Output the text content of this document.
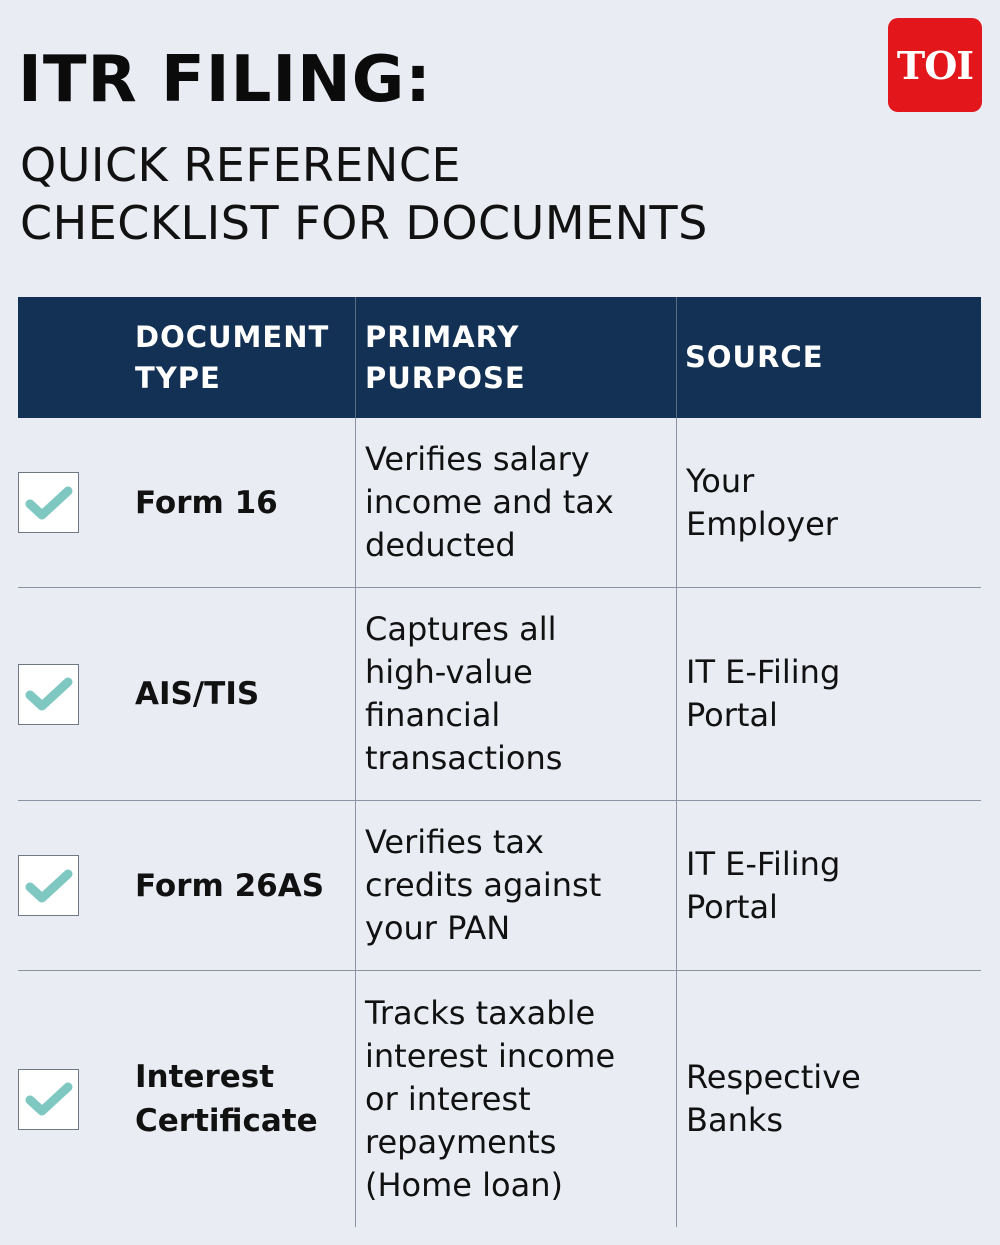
ITR FILING:
QUICK REFERENCE
CHECKLIST FOR DOCUMENTS
TOI
DOCUMENT
TYPE
PRIMARY
PURPOSE
SOURCE
Form 16
Verifies salary
income and tax
deducted
Your
Employer
AIS/TIS
Captures all
high-value
financial
transactions
IT E-Filing
Portal
Form 26AS
Verifies tax
credits against
your PAN
IT E-Filing
Portal
Interest
Certificate
Tracks taxable
interest income
or interest
repayments
(Home loan)
Respective
Banks
